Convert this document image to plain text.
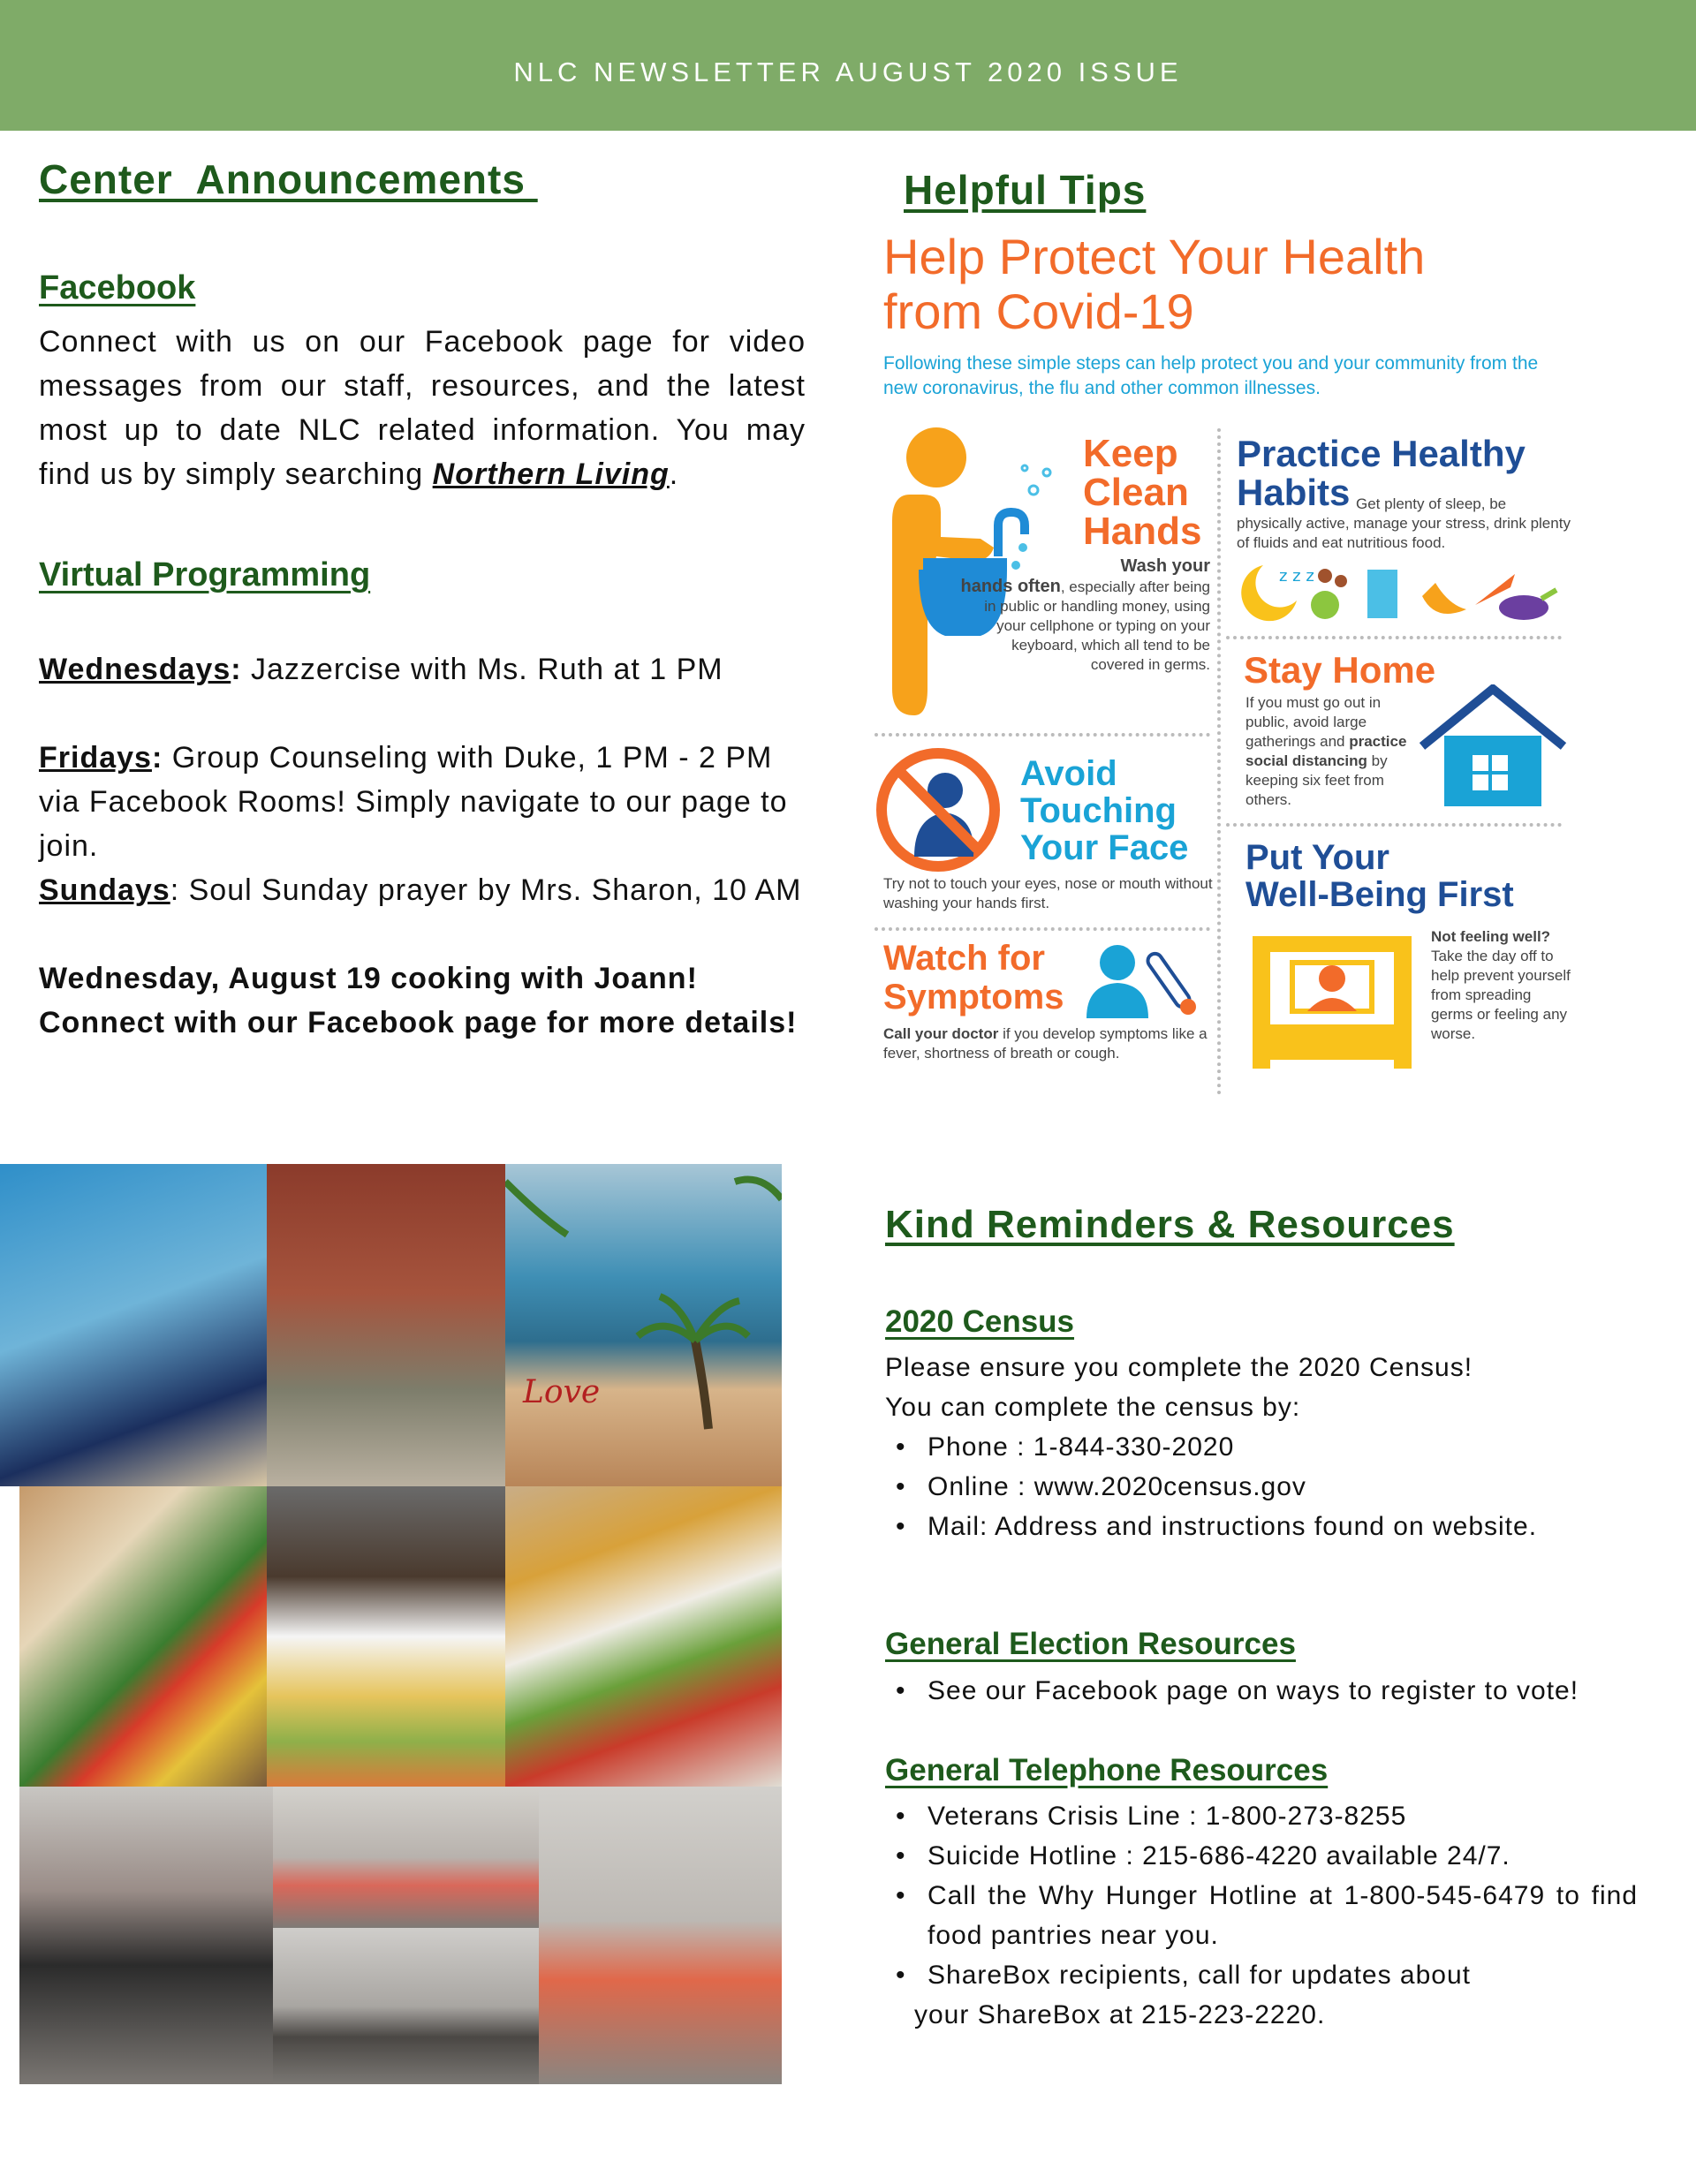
NLC NEWSLETTER AUGUST 2020 ISSUE
Center  Announcements
Facebook

Connect with us on our Facebook page for video messages from our staff, resources, and the latest most up to date NLC related information. You may find us by simply searching Northern Living.

Virtual Programming

Wednesdays: Jazzercise with Ms. Ruth at 1 PM

Fridays: Group Counseling with Duke, 1 PM - 2 PM via Facebook Rooms! Simply navigate to our page to join.

Sundays: Soul Sunday prayer by Mrs. Sharon, 10 AM

Wednesday, August 19 cooking with Joann!
Connect with our Facebook page for more details!

Helpful Tips
Help Protect Your Health
from Covid-19

Following these simple steps can help protect you and your community from the new coronavirus, the flu and other common illnesses.

Keep
Clean
Hands

Wash your
hands often, especially after being in public or handling money, using your cellphone or typing on your keyboard, which all tend to be covered in germs.

Practice Healthy
Habits Get plenty of sleep, be physically active, manage your stress, drink plenty of fluids and eat nutritious food.

z z z
Stay Home

If you must go out in public, avoid large gatherings and practice social distancing by keeping six feet from others.

Avoid
Touching
Your Face

Try not to touch your eyes, nose or mouth without washing your hands first.

Put Your
Well-Being First

Not feeling well? Take the day off to help prevent yourself from spreading germs or feeling any worse.

Watch for
Symptoms

Call your doctor if you develop symptoms like a fever, shortness of breath or cough.

Love
Kind Reminders & Resources
2020 Census

Please ensure you complete the 2020 Census!
You can complete the census by:

• Phone : 1-844-330-2020
• Online : www.2020census.gov
• Mail: Address and instructions found on website.
General Election Resources
• See our Facebook page on ways to register to vote!
General Telephone Resources
• Veterans Crisis Line : 1-800-273-8255
• Suicide Hotline : 215-686-4220 available 24/7.
• Call the Why Hunger Hotline at 1-800-545-6479 to find food pantries near you.
• ShareBox recipients, call for updates about

your ShareBox at 215-223-2220.
